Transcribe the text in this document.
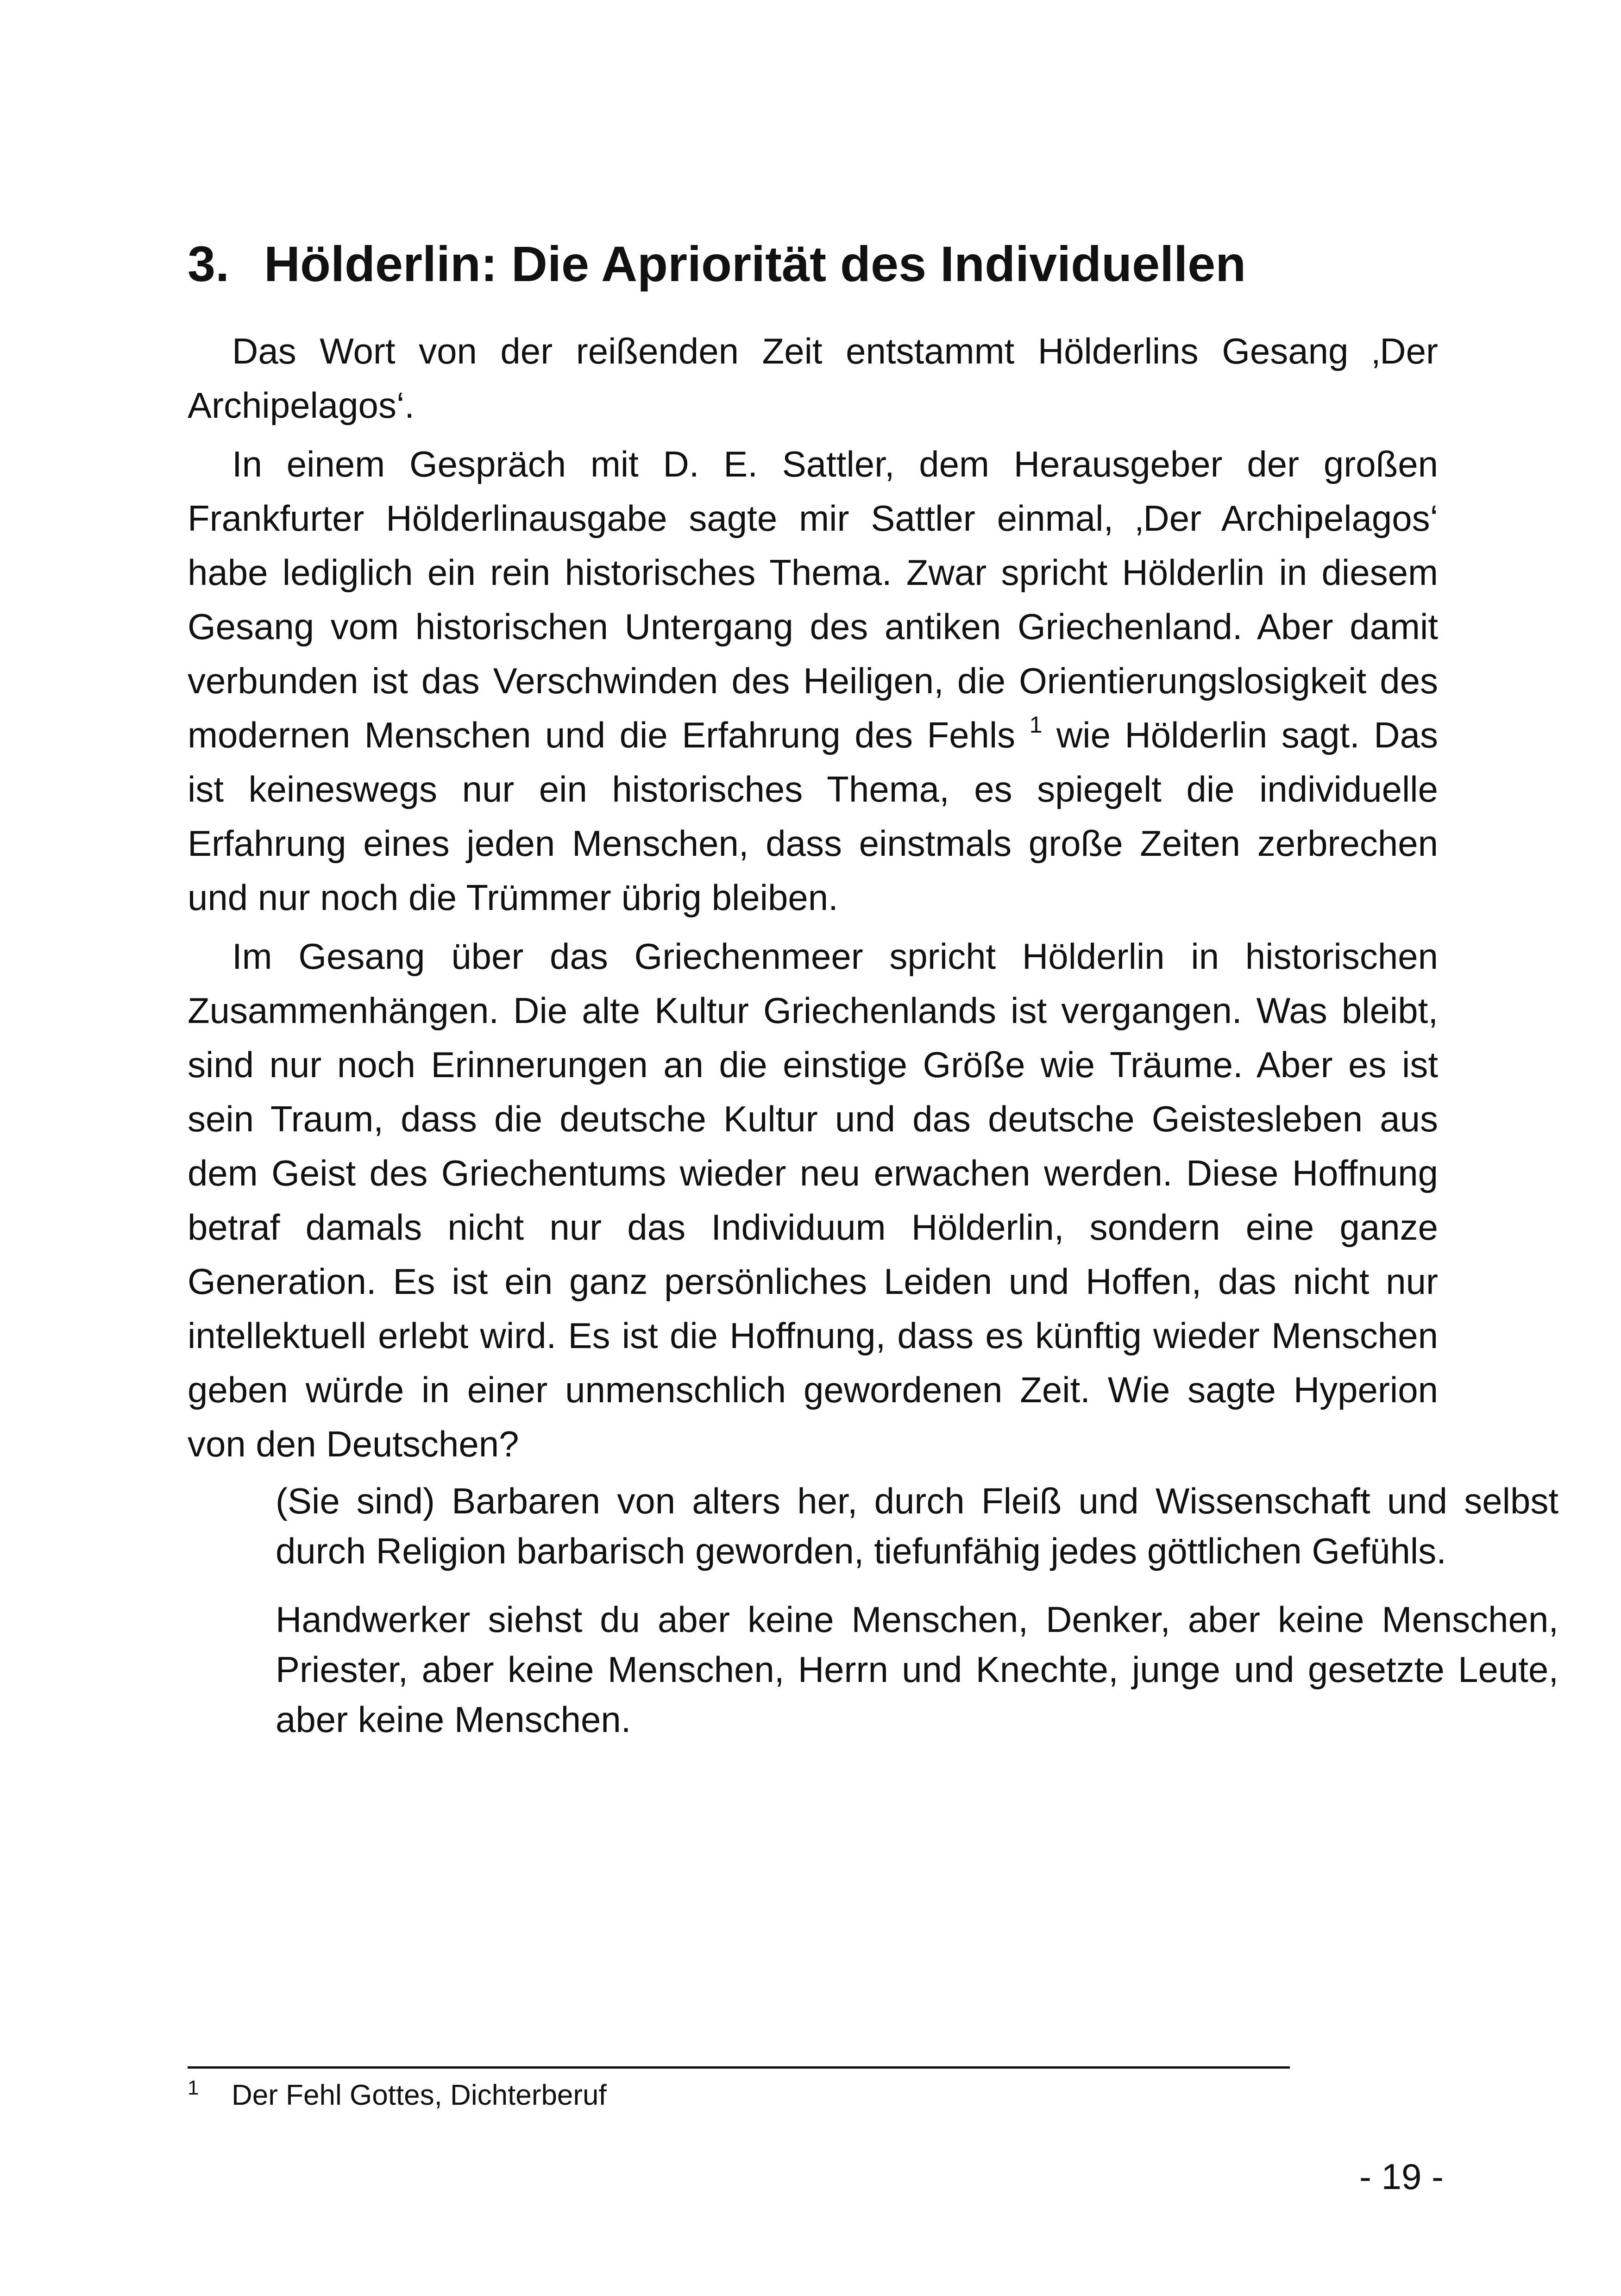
3. Hölderlin: Die Apriorität des Individuellen

Das Wort von der reißenden Zeit entstammt Hölderlins Gesang ‚Der Archipelagos‘.

In einem Gespräch mit D. E. Sattler, dem Herausgeber der großen Frankfurter Hölderlinausgabe sagte mir Sattler einmal, ‚Der Archipelagos‘ habe lediglich ein rein historisches Thema. Zwar spricht Hölderlin in diesem Gesang vom historischen Untergang des antiken Griechenland. Aber damit verbunden ist das Verschwinden des Heiligen, die Orientierungslosigkeit des modernen Menschen und die Erfahrung des Fehls $^1$ wie Hölderlin sagt. Das ist keineswegs nur ein historisches Thema, es spiegelt die individuelle Erfahrung eines jeden Menschen, dass einstmals große Zeiten zerbrechen und nur noch die Trümmer übrig bleiben.

Im Gesang über das Griechenmeer spricht Hölderlin in historischen Zusammenhängen. Die alte Kultur Griechenlands ist vergangen. Was bleibt, sind nur noch Erinnerungen an die einstige Größe wie Träume. Aber es ist sein Traum, dass die deutsche Kultur und das deutsche Geistesleben aus dem Geist des Griechentums wieder neu erwachen werden. Diese Hoffnung betraf damals nicht nur das Individuum Hölderlin, sondern eine ganze Generation. Es ist ein ganz persönliches Leiden und Hoffen, das nicht nur intellektuell erlebt wird. Es ist die Hoffnung, dass es künftig wieder Menschen geben würde in einer unmenschlich gewordenen Zeit. Wie sagte Hyperion von den Deutschen?

(Sie sind) Barbaren von alters her, durch Fleiß und Wissenschaft und selbst durch Religion barbarisch geworden, tiefunfähig jedes göttlichen Gefühls.

Handwerker siehst du aber keine Menschen, Denker, aber keine Menschen, Priester, aber keine Menschen, Herrn und Knechte, junge und gesetzte Leute, aber keine Menschen.

1 Der Fehl Gottes, Dichterberuf
- 19 -
